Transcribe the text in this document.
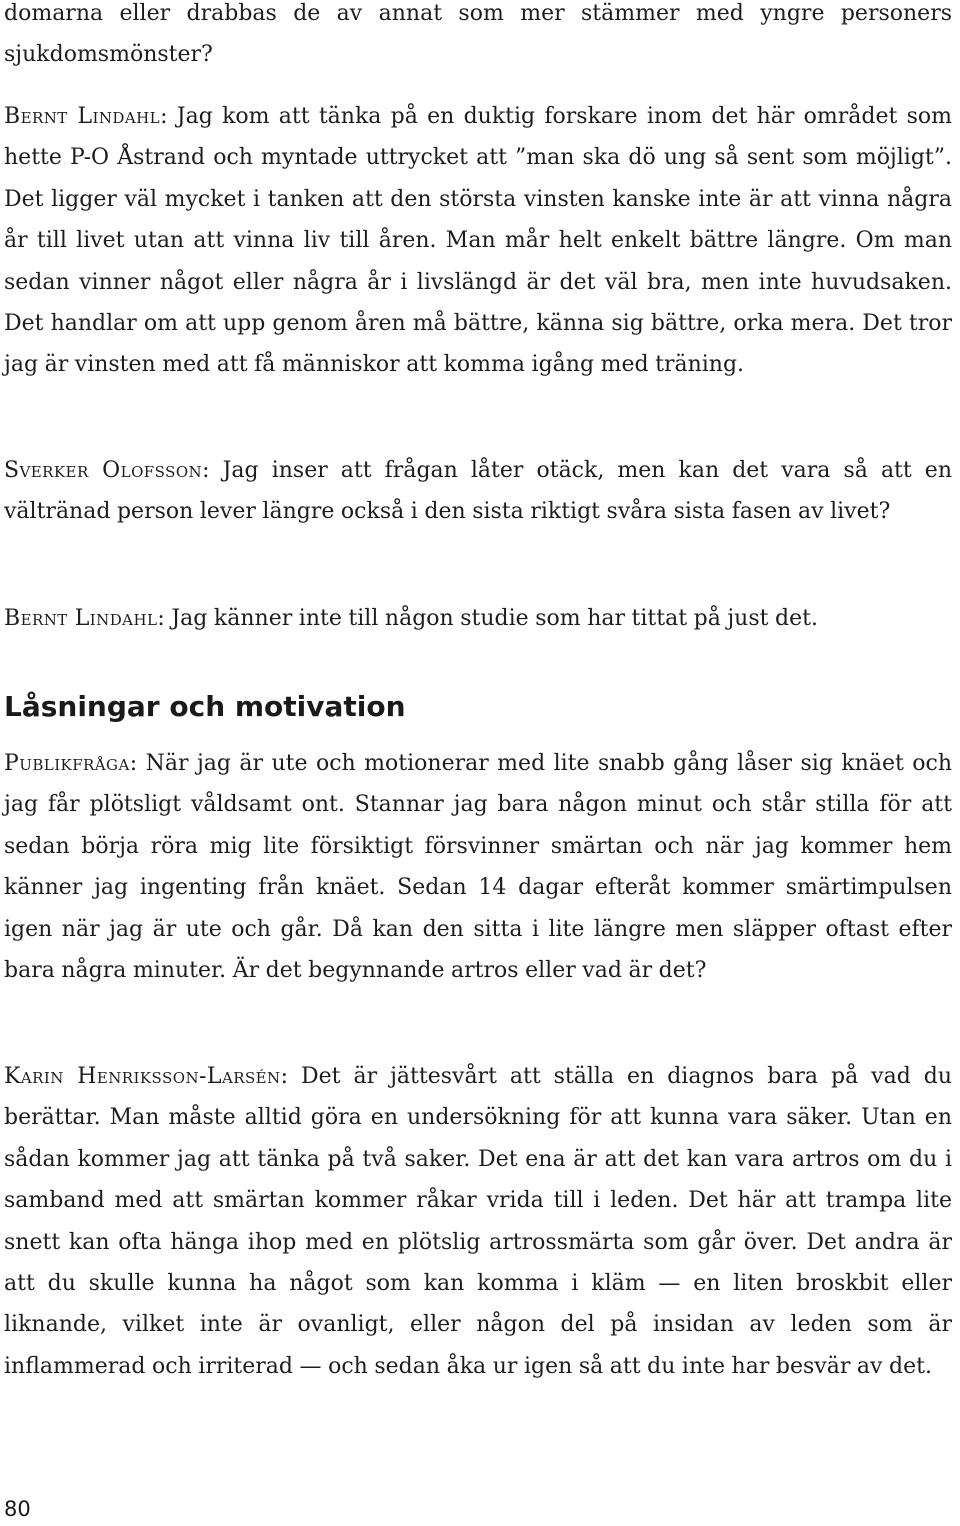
domarna eller drabbas de av annat som mer stämmer med yngre personers sjukdomsmönster?

Bernt Lindahl: Jag kom att tänka på en duktig forskare inom det här området som hette P-O Åstrand och myntade uttrycket att ”man ska dö ung så sent som möjligt”. Det ligger väl mycket i tanken att den största vinsten kanske inte är att vinna några år till livet utan att vinna liv till åren. Man mår helt enkelt bättre längre. Om man sedan vinner något eller några år i livslängd är det väl bra, men inte huvudsaken. Det handlar om att upp genom åren må bättre, känna sig bättre, orka mera. Det tror jag är vinsten med att få människor att komma igång med träning.

Sverker Olofsson: Jag inser att frågan låter otäck, men kan det vara så att en vältränad person lever längre också i den sista riktigt svåra sista fasen av livet?

Bernt Lindahl: Jag känner inte till någon studie som har tittat på just det.

Låsningar och motivation

Publikfråga: När jag är ute och motionerar med lite snabb gång låser sig knäet och jag får plötsligt våldsamt ont. Stannar jag bara någon minut och står stilla för att sedan börja röra mig lite försiktigt försvinner smärtan och när jag kommer hem känner jag ingenting från knäet. Sedan 14 dagar efteråt kommer smärtimpulsen igen när jag är ute och går. Då kan den sitta i lite längre men släpper oftast efter bara några minuter. Är det begynnande artros eller vad är det?

Karin Henriksson-Larsén: Det är jättesvårt att ställa en diagnos bara på vad du berättar. Man måste alltid göra en undersökning för att kunna vara säker. Utan en sådan kommer jag att tänka på två saker. Det ena är att det kan vara artros om du i samband med att smärtan kommer råkar vrida till i leden. Det här att trampa lite snett kan ofta hänga ihop med en plötslig artrossmärta som går över. Det andra är att du skulle kunna ha något som kan komma i kläm — en liten broskbit eller liknande, vilket inte är ovanligt, eller någon del på insidan av leden som är inflammerad och irriterad — och sedan åka ur igen så att du inte har besvär av det.

80
